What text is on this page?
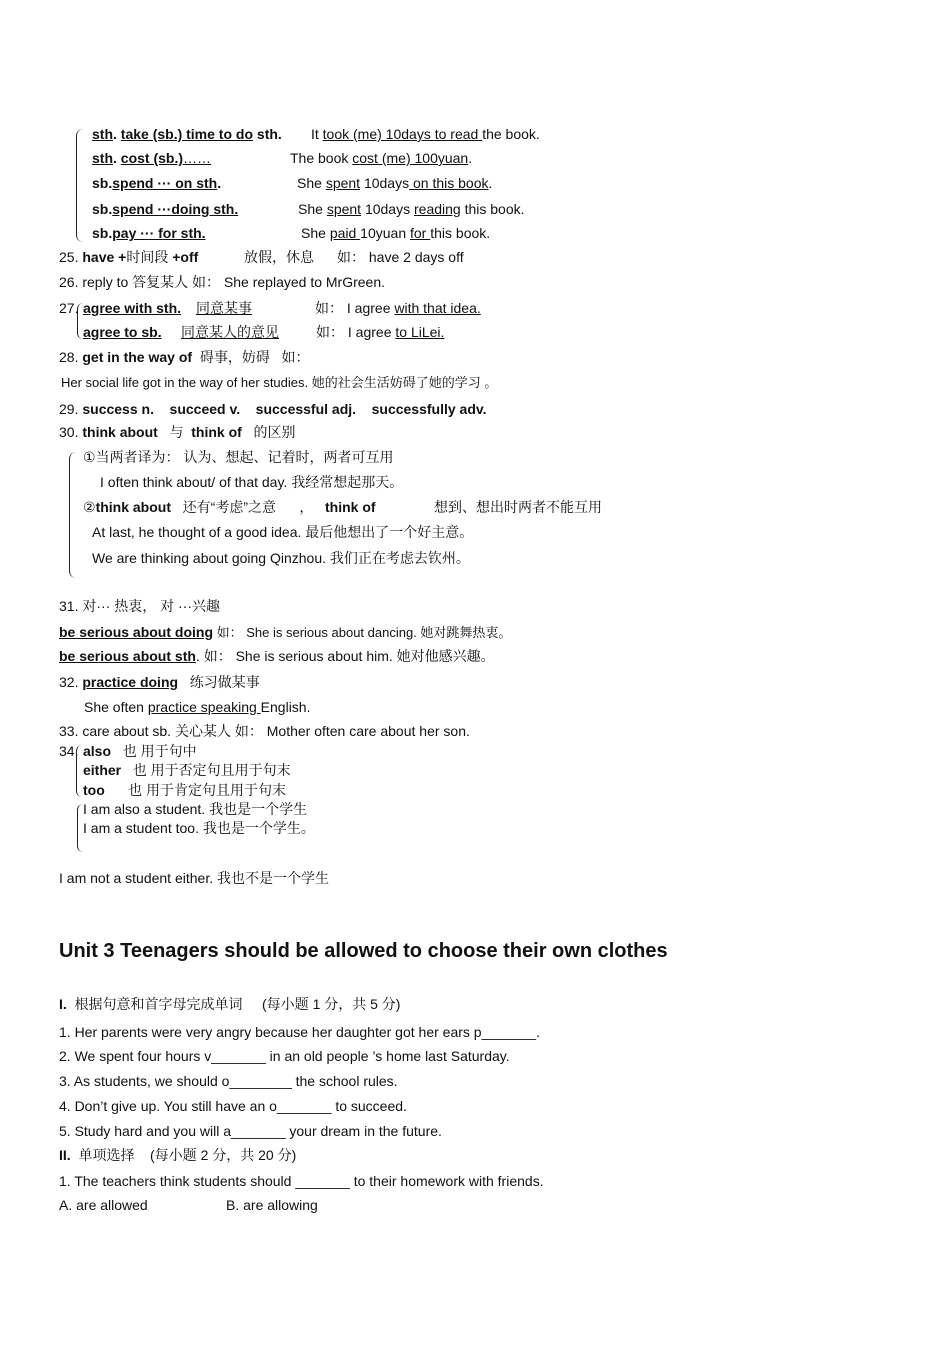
sth. take (sb.) time to do sth. It took (me) 10days to read the book.
sth. cost (sb.)……	The book cost (me) 100yuan.
sb.spend ··· on sth.	She spent 10days on this book.
sb.spend ···doing sth.	She spent 10days reading this book.
sb.pay ··· for sth.	She paid 10yuan for this book.
25. have +时间段 +off	放假，休息 如： have 2 days off
26. reply to 答复某人 如： She replayed to MrGreen.
27. agree with sth. 同意某事	如： I agree with that idea.
agree to sb. 同意某人的意见	如： I agree to LiLei.
28. get in the way of 碍事，妨碍 如：
Her social life got in the way of her studies. 她的社会生活妨碍了她的学习 。
29. success n. succeed v. successful adj. successfully adv.
30. think about 与 think of 的区别
①当两者译为： 认为、想起、记着时，两者可互用
I often think about/ of that day. 我经常想起那天。
②think about 还有“考虑”之意 ， think of	想到、想出时两者不能互用
At last, he thought of a good idea. 最后他想出了一个好主意。
We are thinking about going Qinzhou. 我们正在考虑去钦州。
31. 对··· 热衷， 对 ···兴趣
be serious about doing 如： She is serious about dancing. 她对跳舞热衷。
be serious about sth. 如： She is serious about him. 她对他感兴趣。
32. practice doing 练习做某事
She often practice speaking English.
33. care about sb. 关心某人 如： Mother often care about her son.
34. also 也 用于句中
either 也 用于否定句且用于句末
too 也 用于肯定句且用于句末
I am also a student. 我也是一个学生
I am a student too. 我也是一个学生。
I am not a student either. 我也不是一个学生
Unit 3 Teenagers should be allowed to choose their own clothes
I. 根据句意和首字母完成单词 (每小题 1 分，共 5 分)
1. Her parents were very angry because her daughter got her ears p_______.
2. We spent four hours v_______ in an old people ’s home last Saturday.
3. As students, we should o________ the school rules.
4. Don’t give up. You still have an o_______ to succeed.
5. Study hard and you will a_______ your dream in the future.
II. 单项选择 (每小题 2 分，共 20 分)
1. The teachers think students should _______ to their homework with friends.
A. are allowed	B. are allowing
